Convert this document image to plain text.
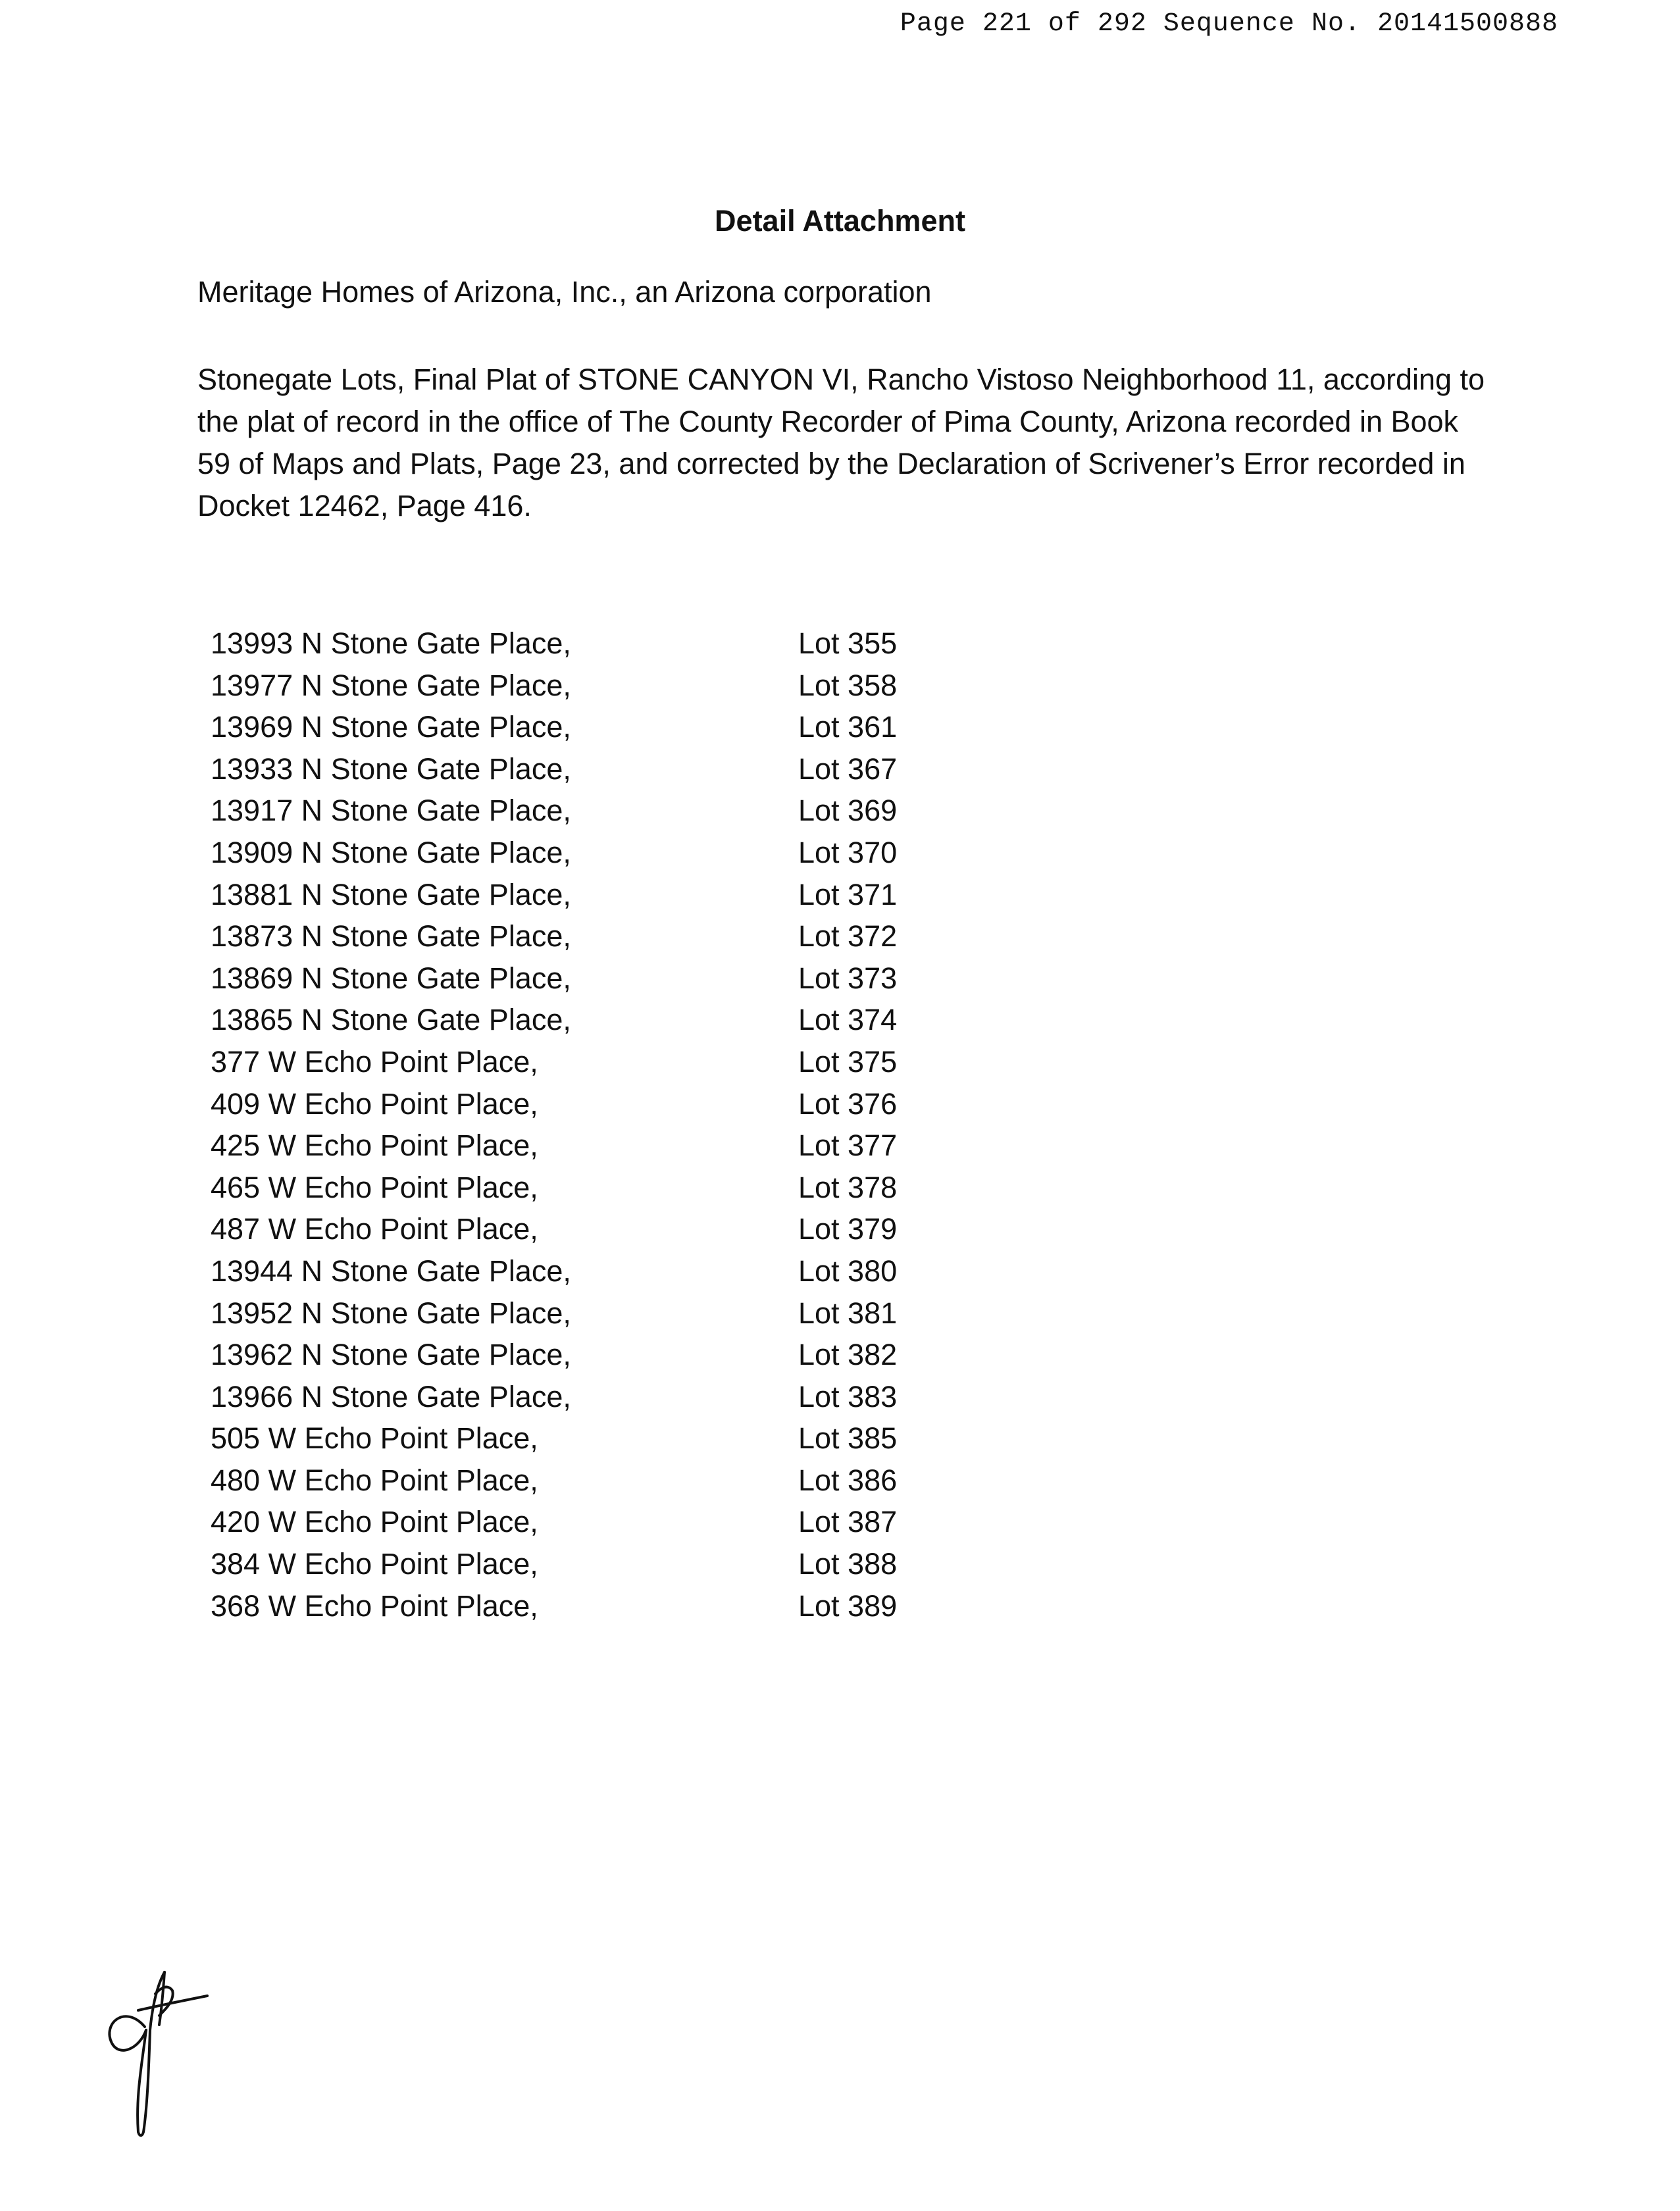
Page 221 of 292 Sequence No. 20141500888
Detail Attachment
Meritage Homes of Arizona, Inc., an Arizona corporation
Stonegate Lots, Final Plat of STONE CANYON VI, Rancho Vistoso Neighborhood 11, according to the plat of record in the office of The County Recorder of Pima County, Arizona recorded in Book 59 of Maps and Plats, Page 23, and corrected by the Declaration of Scrivener’s Error recorded in Docket 12462, Page 416.
13993 N Stone Gate Place,	Lot 355
13977 N Stone Gate Place,	Lot 358
13969 N Stone Gate Place,	Lot 361
13933 N Stone Gate Place,	Lot 367
13917 N Stone Gate Place,	Lot 369
13909 N Stone Gate Place,	Lot 370
13881 N Stone Gate Place,	Lot 371
13873 N Stone Gate Place,	Lot 372
13869 N Stone Gate Place,	Lot 373
13865 N Stone Gate Place,	Lot 374
377 W Echo Point Place,	Lot 375
409 W Echo Point Place,	Lot 376
425 W Echo Point Place,	Lot 377
465 W Echo Point Place,	Lot 378
487 W Echo Point Place,	Lot 379
13944 N Stone Gate Place,	Lot 380
13952 N Stone Gate Place,	Lot 381
13962 N Stone Gate Place,	Lot 382
13966 N Stone Gate Place,	Lot 383
505 W Echo Point Place,	Lot 385
480 W Echo Point Place,	Lot 386
420 W Echo Point Place,	Lot 387
384 W Echo Point Place,	Lot 388
368 W Echo Point Place,	Lot 389
